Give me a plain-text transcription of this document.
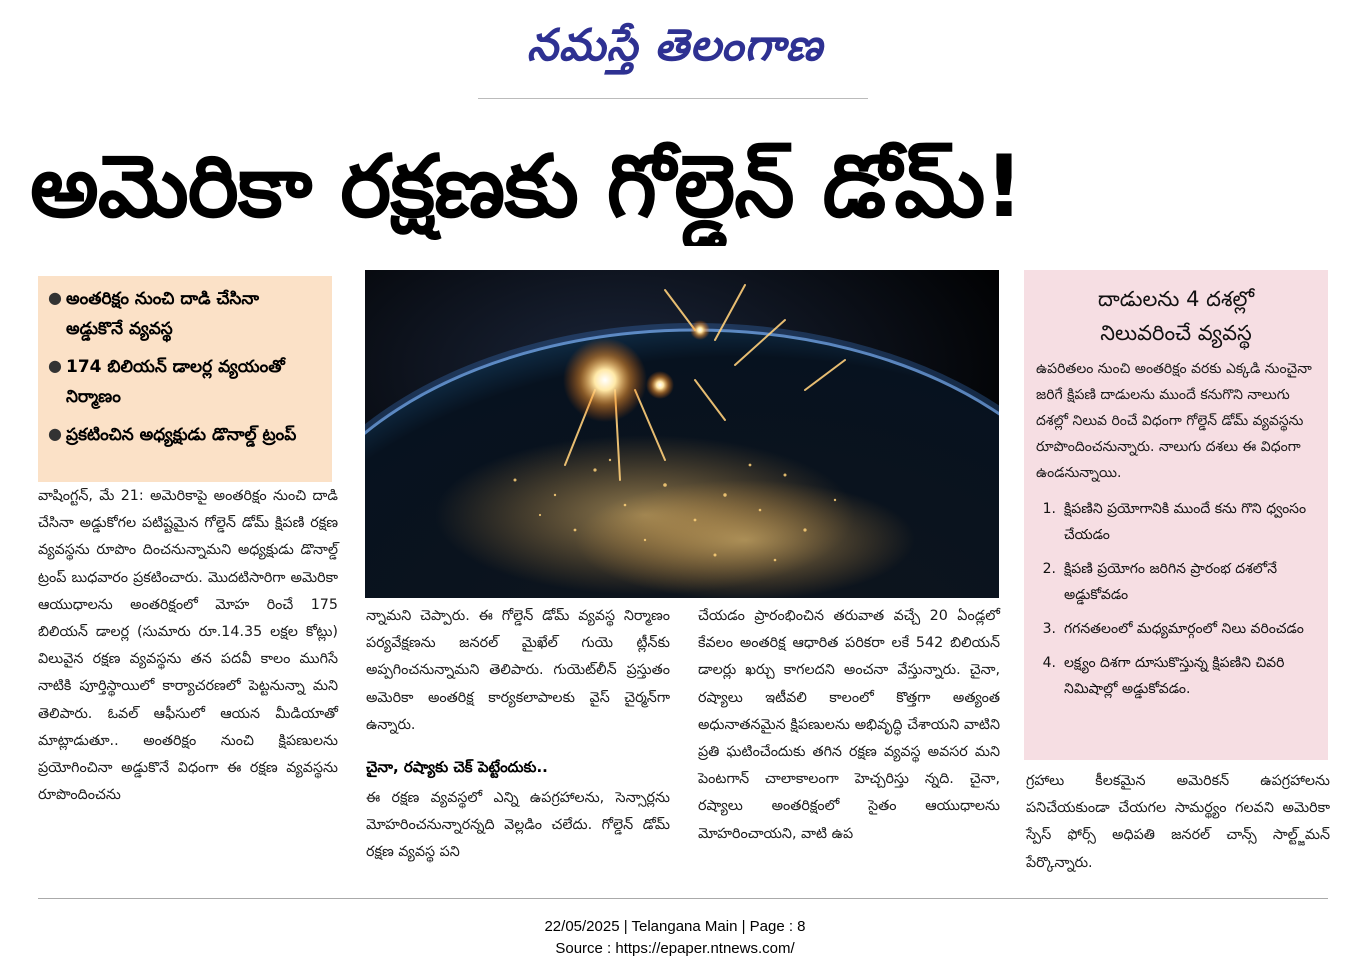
నమస్తే తెలంగాణ
అమెరికా రక్షణకు గోల్డెన్ డోమ్!
● అంతరిక్షం నుంచి దాడి చేసినా అడ్డుకొనే వ్యవస్థ
● 174 బిలియన్ డాలర్ల వ్యయంతో నిర్మాణం
● ప్రకటించిన అధ్యక్షుడు డొనాల్డ్ ట్రంప్

వాషింగ్టన్, మే 21: అమెరికాపై అంతరిక్షం నుంచి దాడి చేసినా అడ్డుకోగల పటిష్టమైన గోల్డెన్ డోమ్ క్షిపణి రక్షణ వ్యవస్థను రూపొం దించనున్నామని అధ్యక్షుడు డొనాల్డ్ ట్రంప్ బుధవారం ప్రకటించారు. మొదటిసారిగా అమెరికా ఆయుధాలను అంతరిక్షంలో మోహ రించే 175 బిలియన్ డాలర్ల (సుమారు రూ.14.35 లక్షల కోట్లు) విలువైన రక్షణ వ్యవస్థను తన పదవీ కాలం ముగిసే నాటికి పూర్తిస్థాయిలో కార్యాచరణలో పెట్టనున్నా మని తెలిపారు. ఓవల్ ఆఫీసులో ఆయన మీడియాతో మాట్లాడుతూ.. అంతరిక్షం నుంచి క్షిపణులను ప్రయోగించినా అడ్డుకొనే విధంగా ఈ రక్షణ వ్యవస్థను రూపొందించను

న్నామని చెప్పారు. ఈ గోల్డెన్ డోమ్ వ్యవస్థ నిర్మాణం పర్యవేక్షణను జనరల్ మైఖేల్ గుయె ట్లీన్‌కు అప్పగించనున్నామని తెలిపారు. గుయెట్‌లీన్ ప్రస్తుతం అమెరికా అంతరిక్ష కార్యకలాపాలకు వైస్ చైర్మన్‌గా ఉన్నారు.

చైనా, రష్యాకు చెక్ పెట్టేందుకు..

ఈ రక్షణ వ్యవస్థలో ఎన్ని ఉపగ్రహాలను, సెన్సార్లను మోహరించనున్నారన్నది వెల్లడిం చలేదు. గోల్డెన్ డోమ్ రక్షణ వ్యవస్థ పని

చేయడం ప్రారంభించిన తరువాత వచ్చే 20 ఏండ్లలో కేవలం అంతరిక్ష ఆధారిత పరికరా లకే 542 బిలియన్ డాలర్లు ఖర్చు కాగలదని అంచనా వేస్తున్నారు. చైనా, రష్యాలు ఇటీవలి కాలంలో కొత్తగా అత్యంత అధునాతనమైన క్షిపణులను అభివృద్ధి చేశాయని వాటిని ప్రతి ఘటించేందుకు తగిన రక్షణ వ్యవస్థ అవసర మని పెంటగాన్ చాలాకాలంగా హెచ్చరిస్తు న్నది. చైనా, రష్యాలు అంతరిక్షంలో సైతం ఆయుధాలను మోహరించాయని, వాటి ఉప

దాడులను 4 దశల్లో
నిలువరించే వ్యవస్థ

ఉపరితలం నుంచి అంతరిక్షం వరకు ఎక్కడి నుంచైనా జరిగే క్షిపణి దాడులను ముందే కనుగొని నాలుగు దశల్లో నిలువ రించే విధంగా గోల్డెన్ డోమ్ వ్యవస్థను రూపొందించనున్నారు. నాలుగు దశలు ఈ విధంగా ఉండనున్నాయి.

1. క్షిపణిని ప్రయోగానికి ముందే కను గొని ధ్వంసం చేయడం
2. క్షిపణి ప్రయోగం జరిగిన ప్రారంభ దశలోనే అడ్డుకోవడం
3. గగనతలంలో మధ్యమార్గంలో నిలు వరించడం
4. లక్ష్యం దిశగా దూసుకొస్తున్న క్షిపణిని చివరి నిమిషాల్లో అడ్డుకోవడం.

గ్రహాలు కీలకమైన అమెరికన్ ఉపగ్రహాలను పనిచేయకుండా చేయగల సామర్థ్యం గలవని అమెరికా స్పేస్ ఫోర్స్ అధిపతి జనరల్ చాన్స్ సాల్ట్జ్‌మన్ పేర్కొన్నారు.

22/05/2025 | Telangana Main | Page : 8
Source : https://epaper.ntnews.com/
